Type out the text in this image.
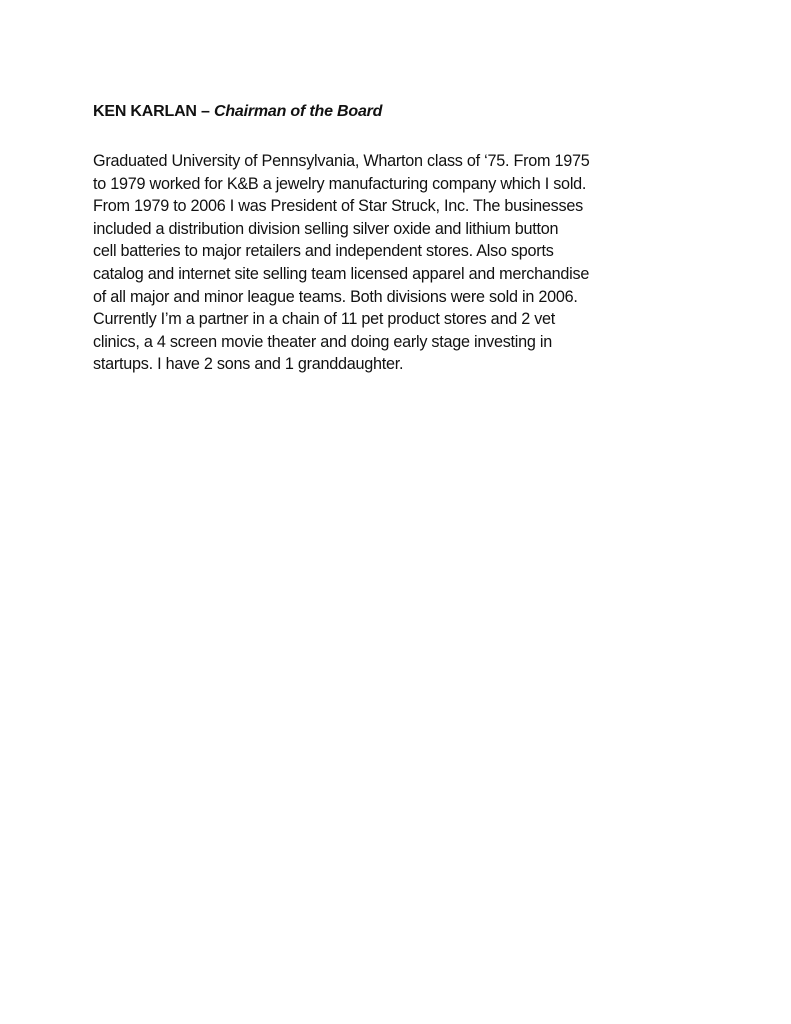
KEN KARLAN – Chairman of the Board
Graduated University of Pennsylvania, Wharton class of ‘75. From 1975
to 1979 worked for K&B a jewelry manufacturing company which I sold.
From 1979 to 2006 I was President of Star Struck, Inc. The businesses
included a distribution division selling silver oxide and lithium button
cell batteries to major retailers and independent stores. Also sports
catalog and internet site selling team licensed apparel and merchandise
of all major and minor league teams. Both divisions were sold in 2006.
Currently I’m a partner in a chain of 11 pet product stores and 2 vet
clinics, a 4 screen movie theater and doing early stage investing in
startups. I have 2 sons and 1 granddaughter.
